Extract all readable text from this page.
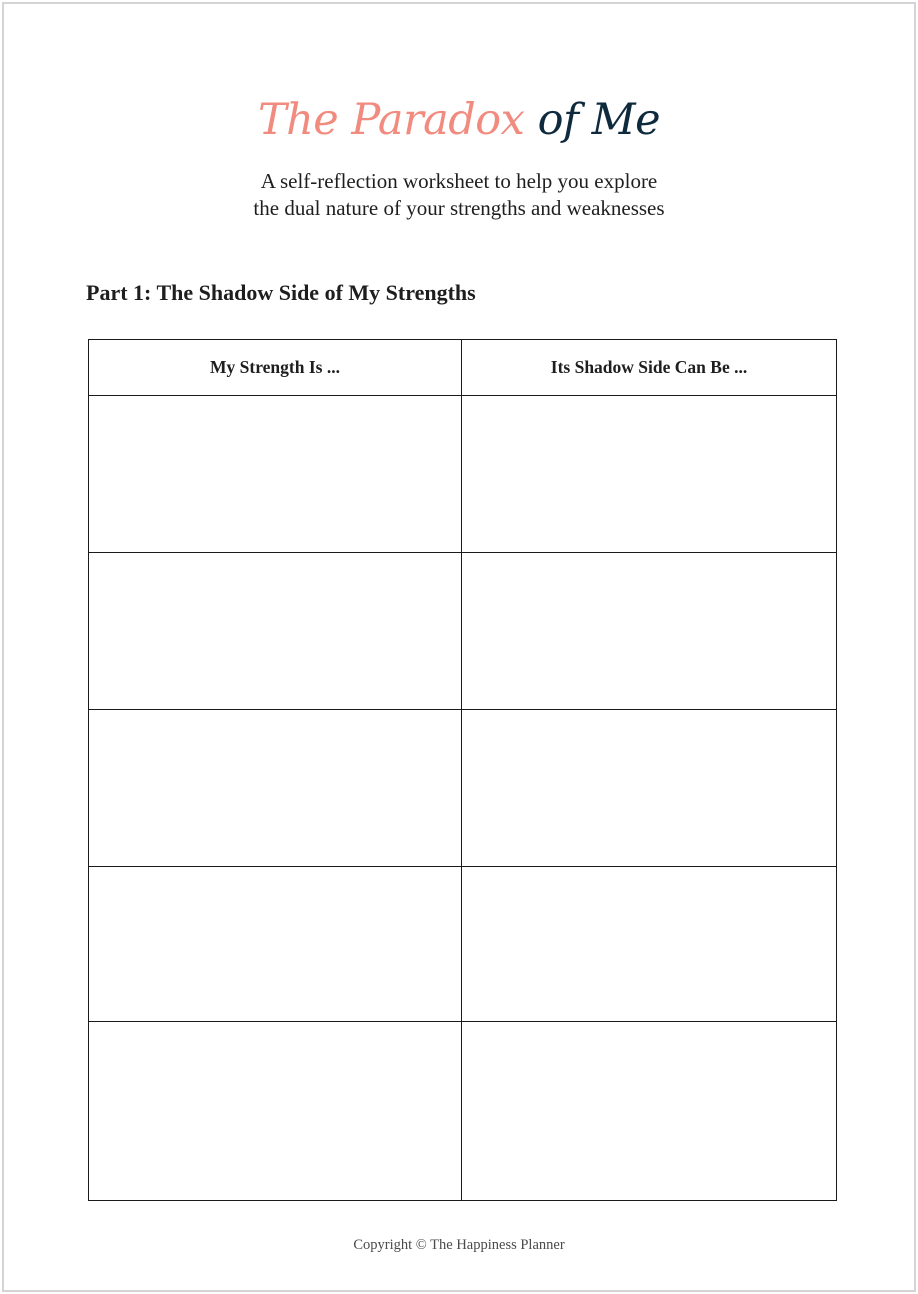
The Paradox of Me
A self-reflection worksheet to help you explore
the dual nature of your strengths and weaknesses
Part 1: The Shadow Side of My Strengths
My Strength Is ...	Its Shadow Side Can Be ...

Copyright © The Happiness Planner
